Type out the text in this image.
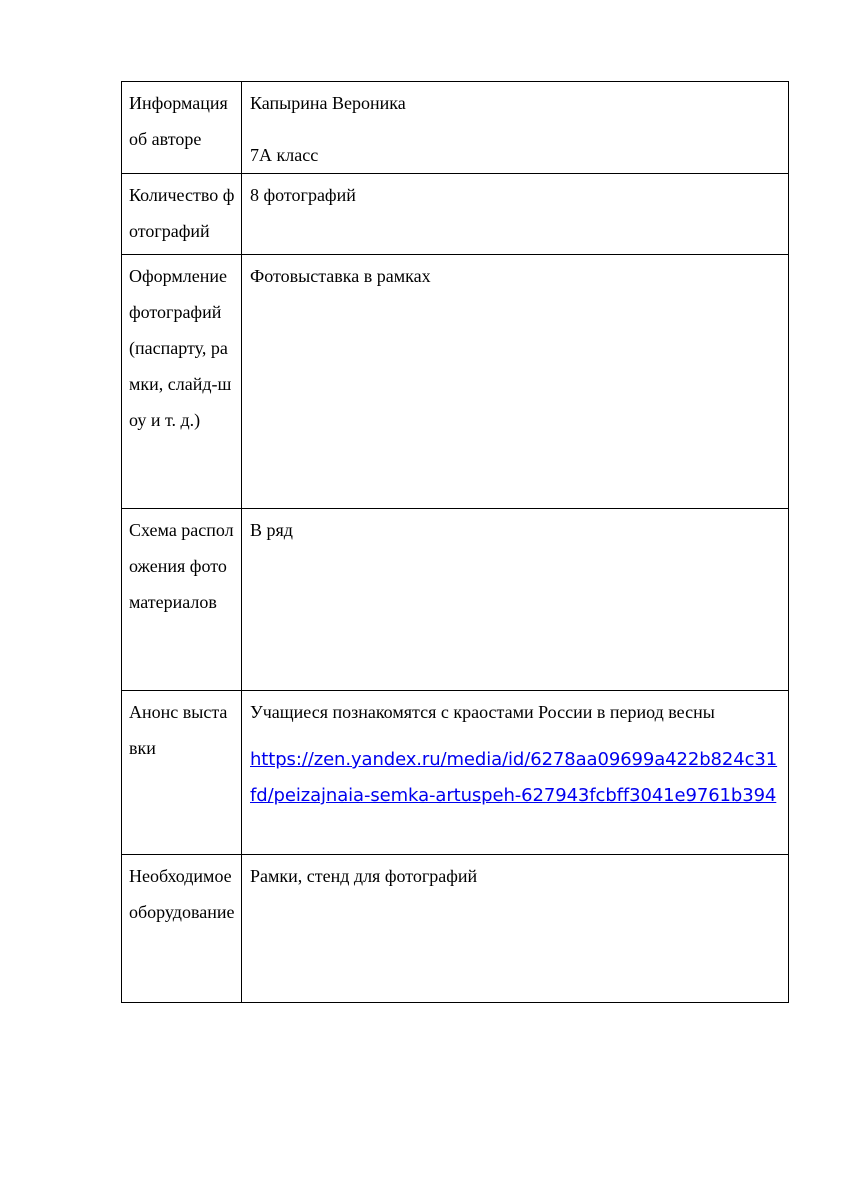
Информация об авторе	Капырина Вероника
7А класс

Количество фотографий	8 фотографий

Оформление фотографий (паспарту, рамки, слайд-шоу и т. д.)	Фотовыставка в рамках

Схема расположения фотоматериалов	В ряд

Анонс выставки	Учащиеся познакомятся с краостами России в период весны
https://zen.yandex.ru/media/id/6278aa09699a422b824c31fd/peizajnaia-semka-artuspeh-627943fcbff3041e9761b394

Необходимое оборудование	Рамки, стенд для фотографий
